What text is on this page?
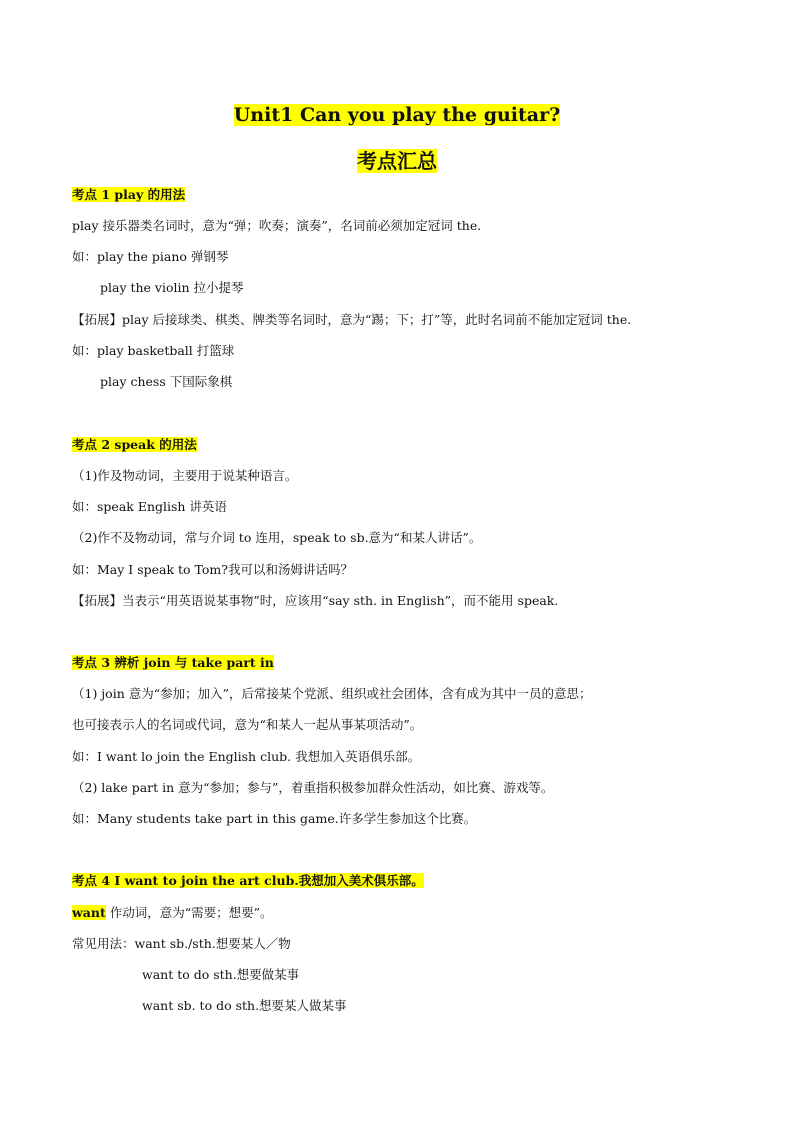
Unit1 Can you play the guitar?
考点汇总
考点 1 play 的用法
play 接乐器类名词时，意为“弹；吹奏；演奏”，名词前必须加定冠词 the.
如：play the piano 弹钢琴
play the violin 拉小提琴
【拓展】play 后接球类、棋类、牌类等名词时，意为“踢；下；打”等，此时名词前不能加定冠词 the.
如：play basketball 打篮球
play chess 下国际象棋
考点 2 speak 的用法
（1)作及物动词，主要用于说某种语言。
如：speak English 讲英语
（2)作不及物动词，常与介词 to 连用，speak to sb.意为“和某人讲话”。
如：May I speak to Tom?我可以和汤姆讲话吗？
【拓展】当表示“用英语说某事物”时，应该用“say sth. in English”，而不能用 speak.
考点 3 辨析 join 与 take part in
（1) join 意为“参加；加入”，后常接某个党派、组织或社会团体，含有成为其中一员的意思；
也可接表示人的名词或代词，意为“和某人一起从事某项活动”。
如：I want lo join the English club. 我想加入英语俱乐部。
（2) lake part in 意为“参加；参与”，着重指积极参加群众性活动，如比赛、游戏等。
如：Many students take part in this game.许多学生参加这个比赛。
考点 4 I want to join the art club.我想加入美术俱乐部。
want 作动词，意为“需要；想要”。
常见用法：want sb./sth.想要某人／物
want to do sth.想要做某事
want sb. to do sth.想要某人做某事
